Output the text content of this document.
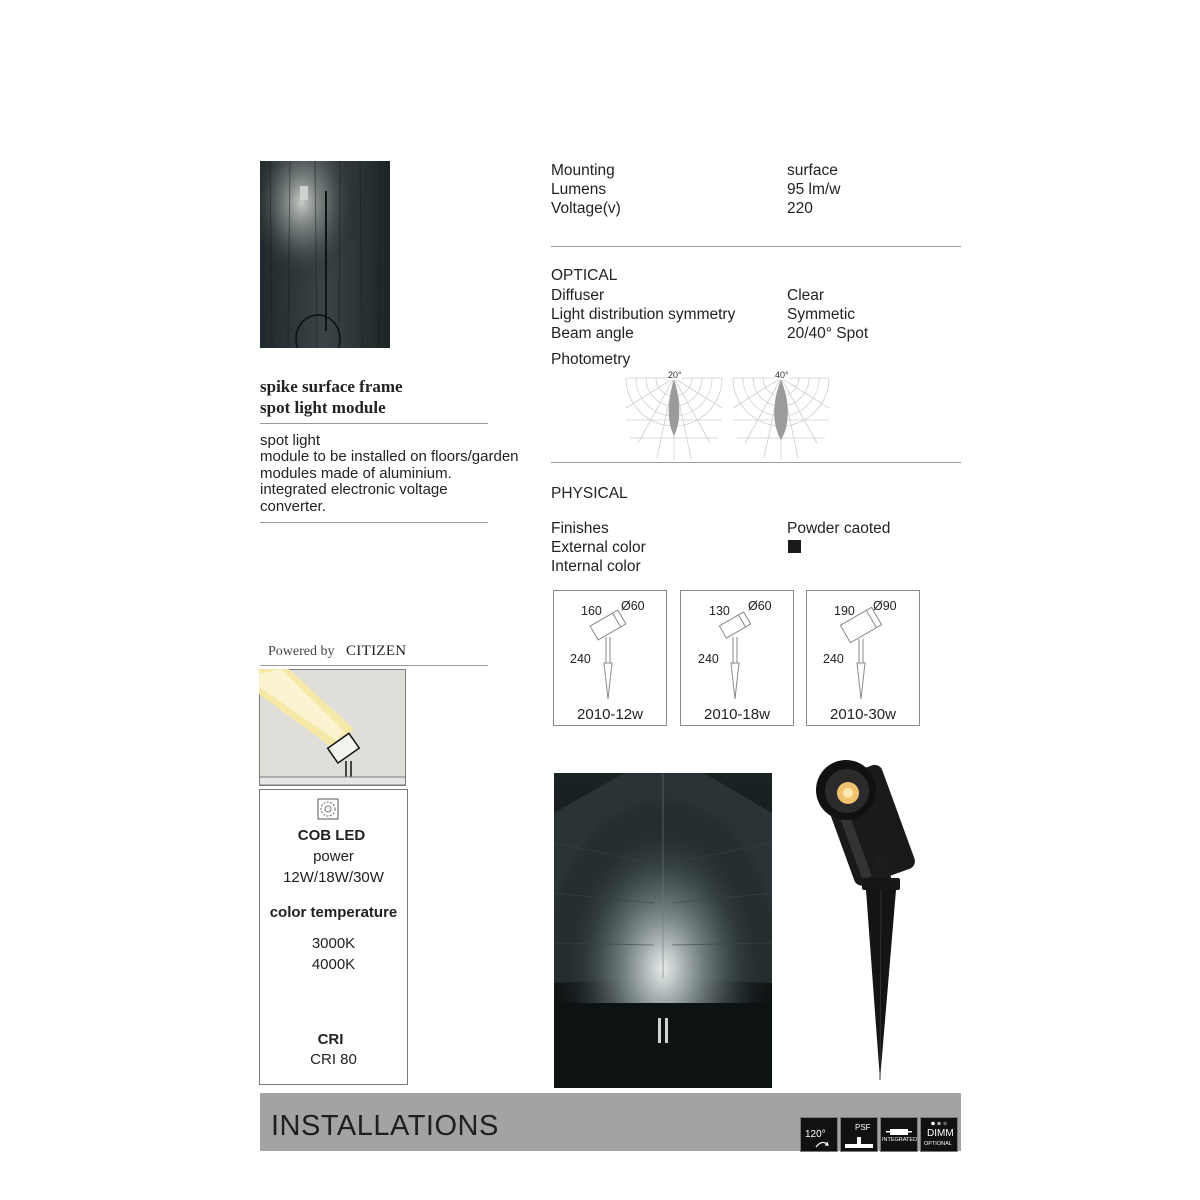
spike surface frame
spot light module
spot light
module to be installed on floors/garden
modules made of aluminium.
integrated electronic voltage
converter.
Powered by CITIZEN
COB LED
power
12W/18W/30W
color temperature
3000K
4000K
CRI
CRI 80
Mounting
Lumens
Voltage(v)
surface
95 lm/w
220
OPTICAL
Diffuser
Light distribution symmetry
Beam angle
Clear
Symmetic
20/40° Spot
Photometry
20°	40°
PHYSICAL
Finishes
External color
Internal color
Powder caoted
160 Ø60
240
2010-12w
130 Ø60
240
2010-18w
190 Ø90
240
2010-30w
INSTALLATIONS	120°
PSF
INTEGRATED
DIMM
OPTIONAL
